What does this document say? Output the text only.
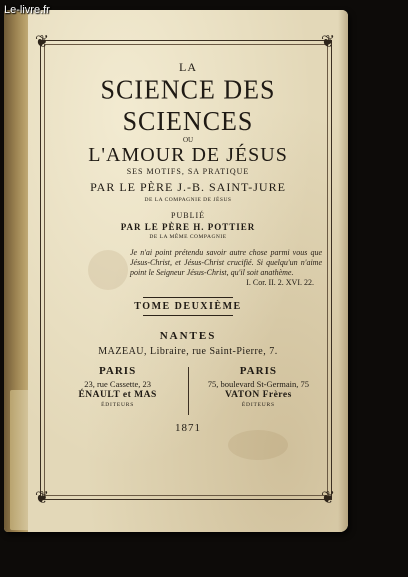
Le-livre.fr
❦	❦
❦	❦
LA
SCIENCE DES SCIENCES
OU
L'AMOUR DE JÉSUS
SES MOTIFS, SA PRATIQUE
PAR LE PÈRE J.-B. SAINT-JURE
DE LA COMPAGNIE DE JÉSUS
PUBLIÉ
PAR LE PÈRE H. POTTIER
DE LA MÊME COMPAGNIE
Je n'ai point prétendu savoir autre chose parmi vous que Jésus-Christ, et Jésus-Christ crucifié. Si quelqu'un n'aime point le Seigneur Jésus-Christ, qu'il soit anathème.
I. Cor. II. 2. XVI. 22.
TOME DEUXIÈME
NANTES
MAZEAU, Libraire, rue Saint-Pierre, 7.
PARIS
23, rue Cassette, 23
ÉNAULT et MAS
ÉDITEURS
PARIS
75, boulevard St-Germain, 75
VATON Frères
ÉDITEURS
1871
